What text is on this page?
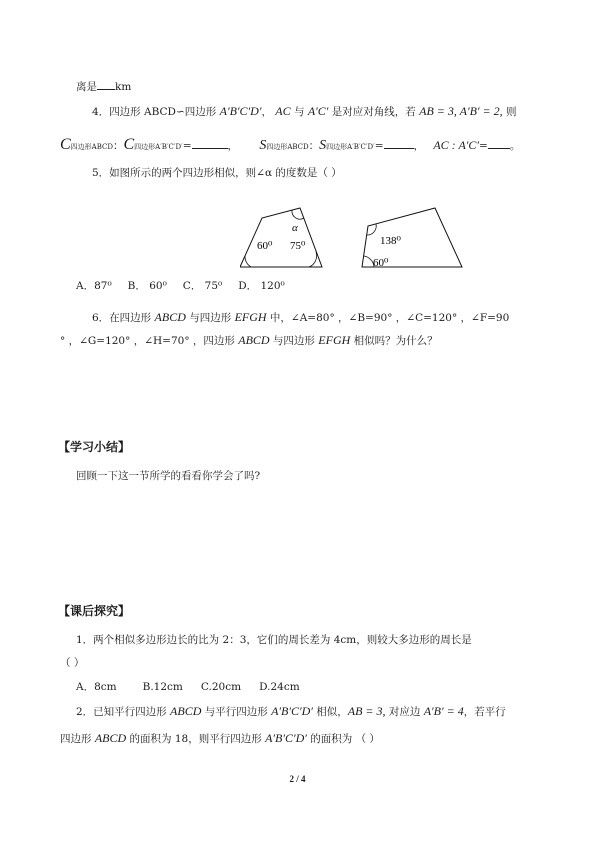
离是 km
4．四边形 ABCD∽四边形 A′B′C′D′， AC 与 A′C′ 是对应对角线，若 AB = 3, A′B′ = 2, 则
C四边形ABCD：C四边形A′B′C′D′=	， S四边形ABCD：S四边形A′B′C′D′=	， AC : A′C′= 。
5．如图所示的两个四边形相似，则∠α 的度数是（ ）
α
60⁰ 75⁰	138⁰
60⁰
A．87⁰ B． 60⁰ C． 75⁰ D． 120⁰
6．在四边形 ABCD 与四边形 EFGH 中，∠A=80° ，∠B=90° ，∠C=120° ，∠F=90
° ，∠G=120° ，∠H=70° ，四边形 ABCD 与四边形 EFGH 相似吗？为什么？
【学习小结】
回顾一下这一节所学的看看你学会了吗?
【课后探究】
1．两个相似多边形边长的比为 2：3，它们的周长差为 4cm，则较大多边形的周长是
（ ）
A．8cm B.12cm C.20cm D.24cm
2．已知平行四边形 ABCD 与平行四边形 A′B′C′D′ 相似，AB = 3, 对应边 A′B′ = 4，若平行
四边形 ABCD 的面积为 18，则平行四边形 A′B′C′D′ 的面积为 （ ）
2 / 4
